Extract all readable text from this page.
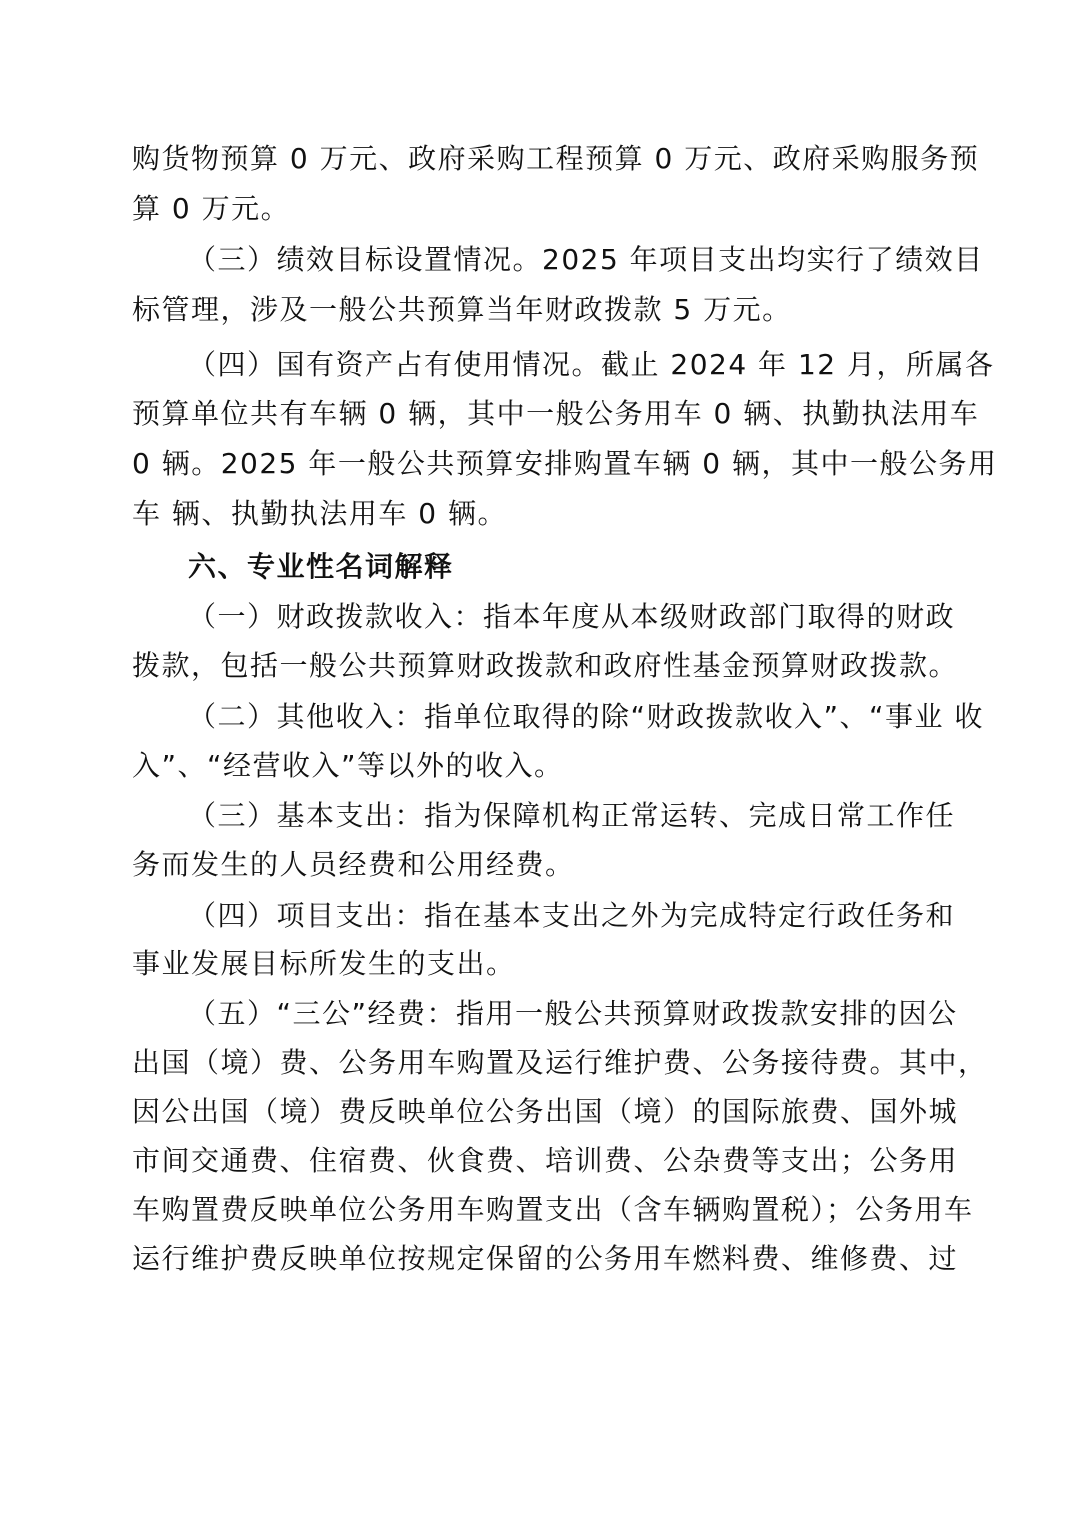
购货物预算 0 万元、政府采购工程预算 0 万元、政府采购服务预
算 0 万元。
（三）绩效目标设置情况。2025 年项目支出均实行了绩效目
标管理，涉及一般公共预算当年财政拨款 5 万元。
（四）国有资产占有使用情况。截止 2024 年 12 月，所属各
预算单位共有车辆 0 辆，其中一般公务用车 0 辆、执勤执法用车
0 辆。2025 年一般公共预算安排购置车辆 0 辆，其中一般公务用
车 辆、执勤执法用车 0 辆。
六、专业性名词解释
（一）财政拨款收入：指本年度从本级财政部门取得的财政
拨款，包括一般公共预算财政拨款和政府性基金预算财政拨款。
（二）其他收入：指单位取得的除“财政拨款收入”、“事业 收
入”、“经营收入”等以外的收入。
（三）基本支出：指为保障机构正常运转、完成日常工作任
务而发生的人员经费和公用经费。
（四）项目支出：指在基本支出之外为完成特定行政任务和
事业发展目标所发生的支出。
（五）“三公”经费：指用一般公共预算财政拨款安排的因公
出国（境）费、公务用车购置及运行维护费、公务接待费。其中，
因公出国（境）费反映单位公务出国（境）的国际旅费、国外城
市间交通费、住宿费、伙食费、培训费、公杂费等支出；公务用
车购置费反映单位公务用车购置支出（含车辆购置税）；公务用车
运行维护费反映单位按规定保留的公务用车燃料费、维修费、过
